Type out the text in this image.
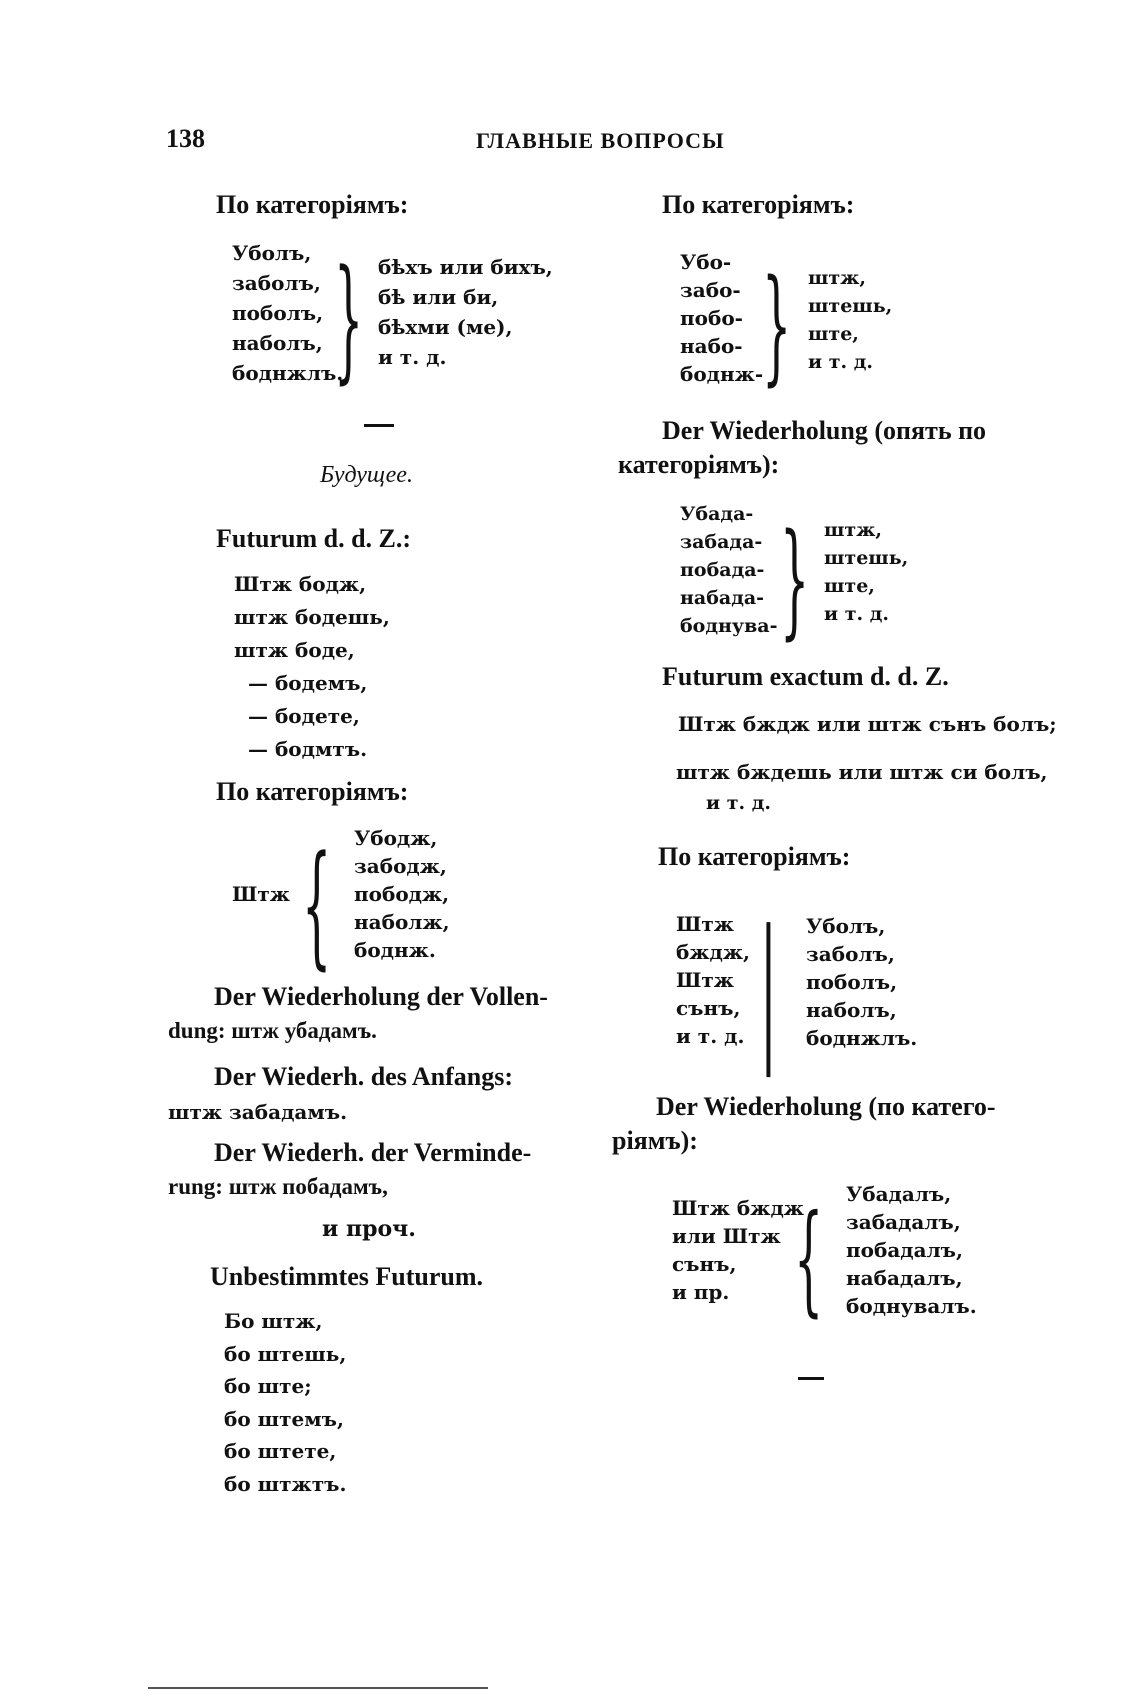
138	ГЛАВНЫЕ ВОПРОСЫ
По категоріямъ:
Уболъ,
заболъ,
поболъ,
наболъ,
боднжлъ.
} бѣхъ или бихъ,
бѣ или би,
бѣхми (ме),
и т. д.
Будущее.
Futurum d. d. Z.:
Штж бодж,
штж бодешь,
штж боде,
— бодемъ,
— бодете,
— бодмтъ.
По категоріямъ:
Штж { Убодж,
забодж,
пободж,
наболж,
боднж.
Der Wiederholung der Vollen-
dung: штж убадамъ.
Der Wiederh. des Anfangs:
штж забадамъ.
Der Wiederh. der Verminde-
rung: штж побадамъ,
и проч.
Unbestimmtes Futurum.
Бо штж,
бо штешь,
бо штe;
бо штемъ,
бо штете,
бо штжтъ.
По категоріямъ:
Убо-
забо-
побо-
набо-
боднж-
} штж,
штешь,
штe,
и т. д.
Der Wiederholung (опять по
категоріямъ):
Убада-
забада-
побада-
набада-
боднува- } штж,
штешь,
штe,
и т. д.
Futurum exactum d. d. Z.
Штж бждж или штж сънъ болъ;
штж бждешь или штж си болъ,
и т. д.
По категоріямъ:
Штж
бждж,
Штж
сънъ,
и т. д. | Уболъ,
заболъ,
поболъ,
наболъ,
боднжлъ.
Der Wiederholung (по катего-
ріямъ):
Штж бждж
или Штж
сънъ,
и пр.	{ Убадалъ,
забадалъ,
побадалъ,
набадалъ,
боднувалъ.
